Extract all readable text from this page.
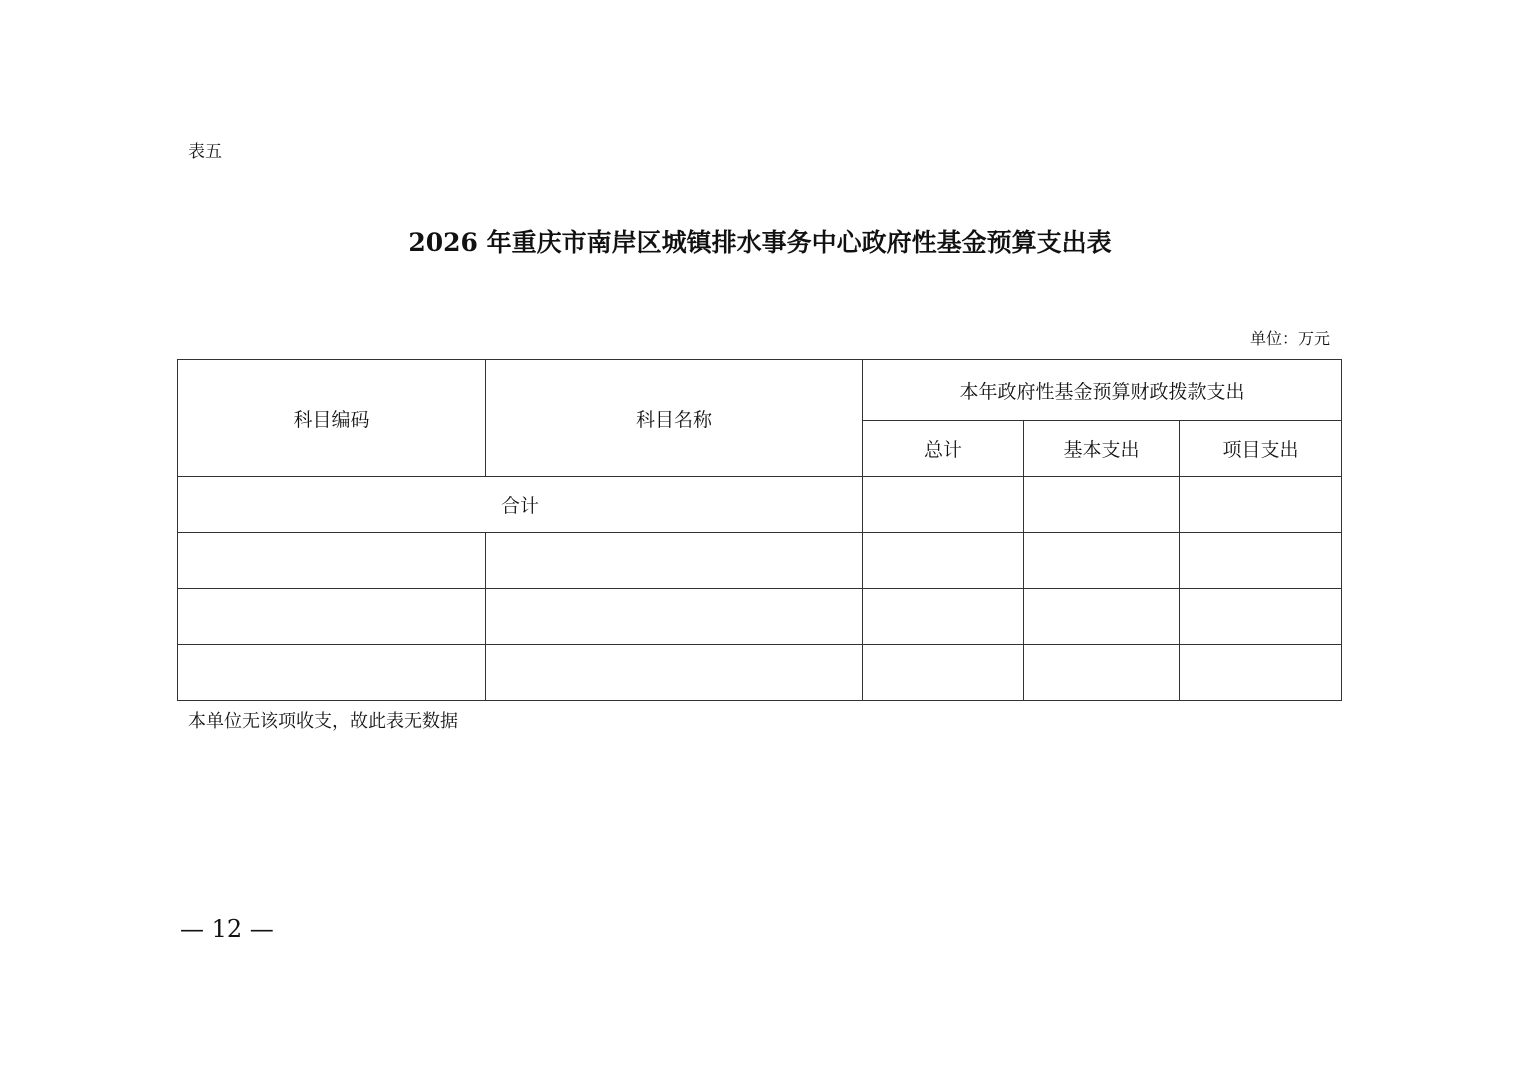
表五
2026 年重庆市南岸区城镇排水事务中心政府性基金预算支出表
单位：万元
科目编码	科目名称	本年政府性基金预算财政拨款支出		
		总计	基本支出	项目支出
合计				

本单位无该项收支，故此表无数据
— 12 —
